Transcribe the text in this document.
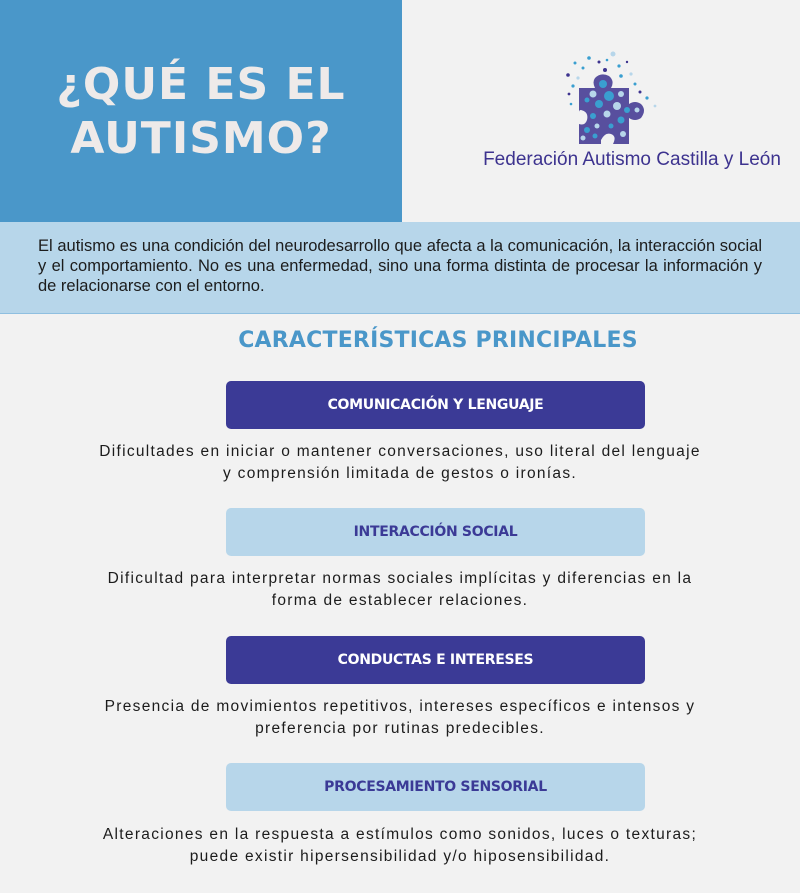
¿QUÉ ES EL
AUTISMO?	Federación Autismo Castilla y León

El autismo es una condición del neurodesarrollo que afecta a la comunicación, la interacción social y el comportamiento. No es una enfermedad, sino una forma distinta de procesar la información y de relacionarse con el entorno.

CARACTERÍSTICAS PRINCIPALES
COMUNICACIÓN Y LENGUAJE
Dificultades en iniciar o mantener conversaciones, uso literal del lenguaje
y comprensión limitada de gestos o ironías.
INTERACCIÓN SOCIAL
Dificultad para interpretar normas sociales implícitas y diferencias en la
forma de establecer relaciones.
CONDUCTAS E INTERESES
Presencia de movimientos repetitivos, intereses específicos e intensos y
preferencia por rutinas predecibles.
PROCESAMIENTO SENSORIAL
Alteraciones en la respuesta a estímulos como sonidos, luces o texturas;
puede existir hipersensibilidad y/o hiposensibilidad.
